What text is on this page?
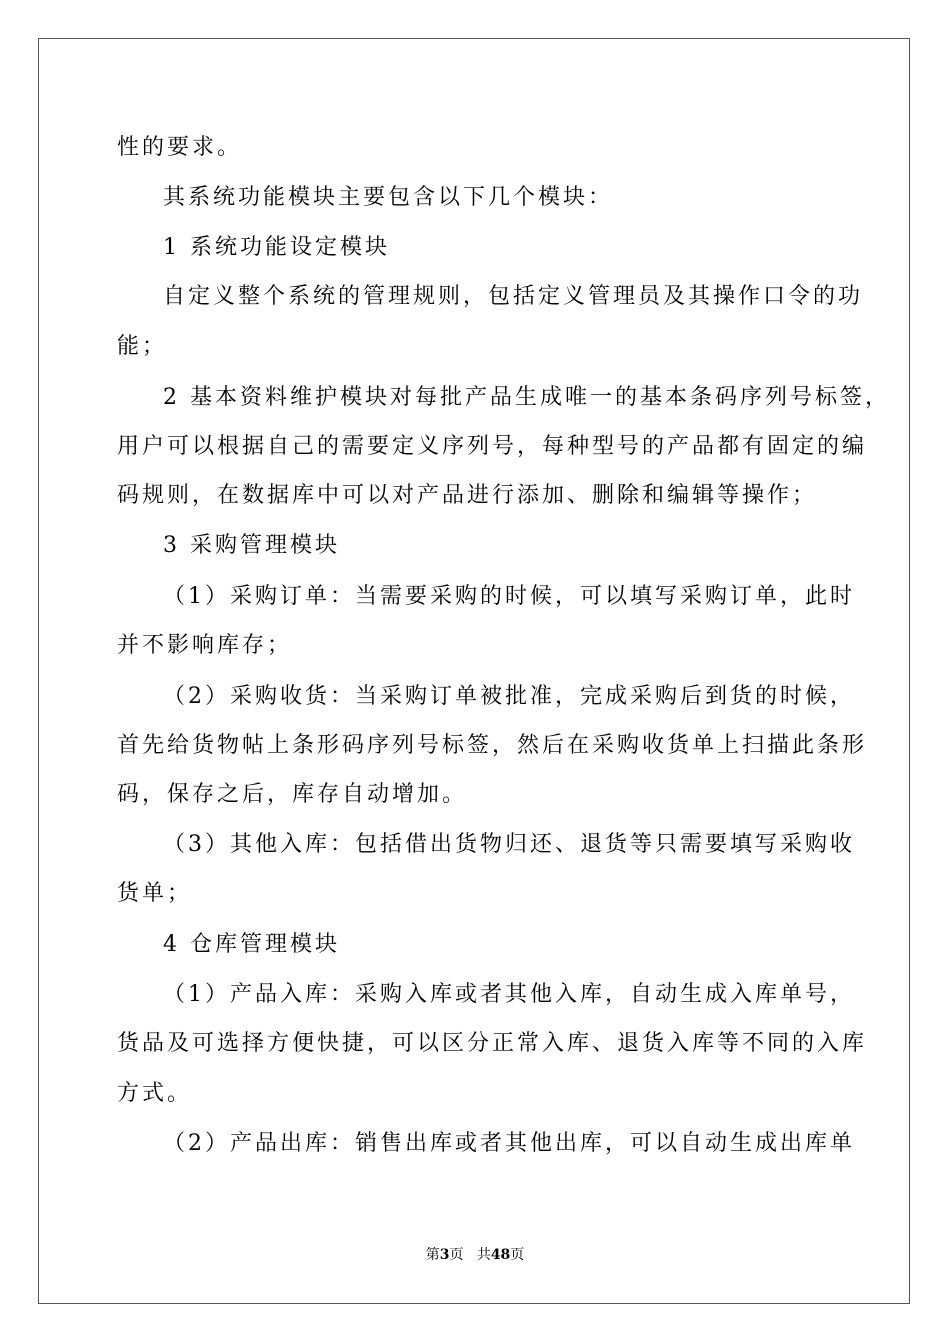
性的要求。
其系统功能模块主要包含以下几个模块：
1 系统功能设定模块
自定义整个系统的管理规则，包括定义管理员及其操作口令的功
能；
2 基本资料维护模块对每批产品生成唯一的基本条码序列号标签，
用户可以根据自己的需要定义序列号，每种型号的产品都有固定的编
码规则，在数据库中可以对产品进行添加、删除和编辑等操作；
3 采购管理模块
（1）采购订单：当需要采购的时候，可以填写采购订单，此时
并不影响库存；
（2）采购收货：当采购订单被批准，完成采购后到货的时候，
首先给货物帖上条形码序列号标签，然后在采购收货单上扫描此条形
码，保存之后，库存自动增加。
（3）其他入库：包括借出货物归还、退货等只需要填写采购收
货单；
4 仓库管理模块
（1）产品入库：采购入库或者其他入库，自动生成入库单号，
货品及可选择方便快捷，可以区分正常入库、退货入库等不同的入库
方式。
（2）产品出库：销售出库或者其他出库，可以自动生成出库单
第3页 共48页
